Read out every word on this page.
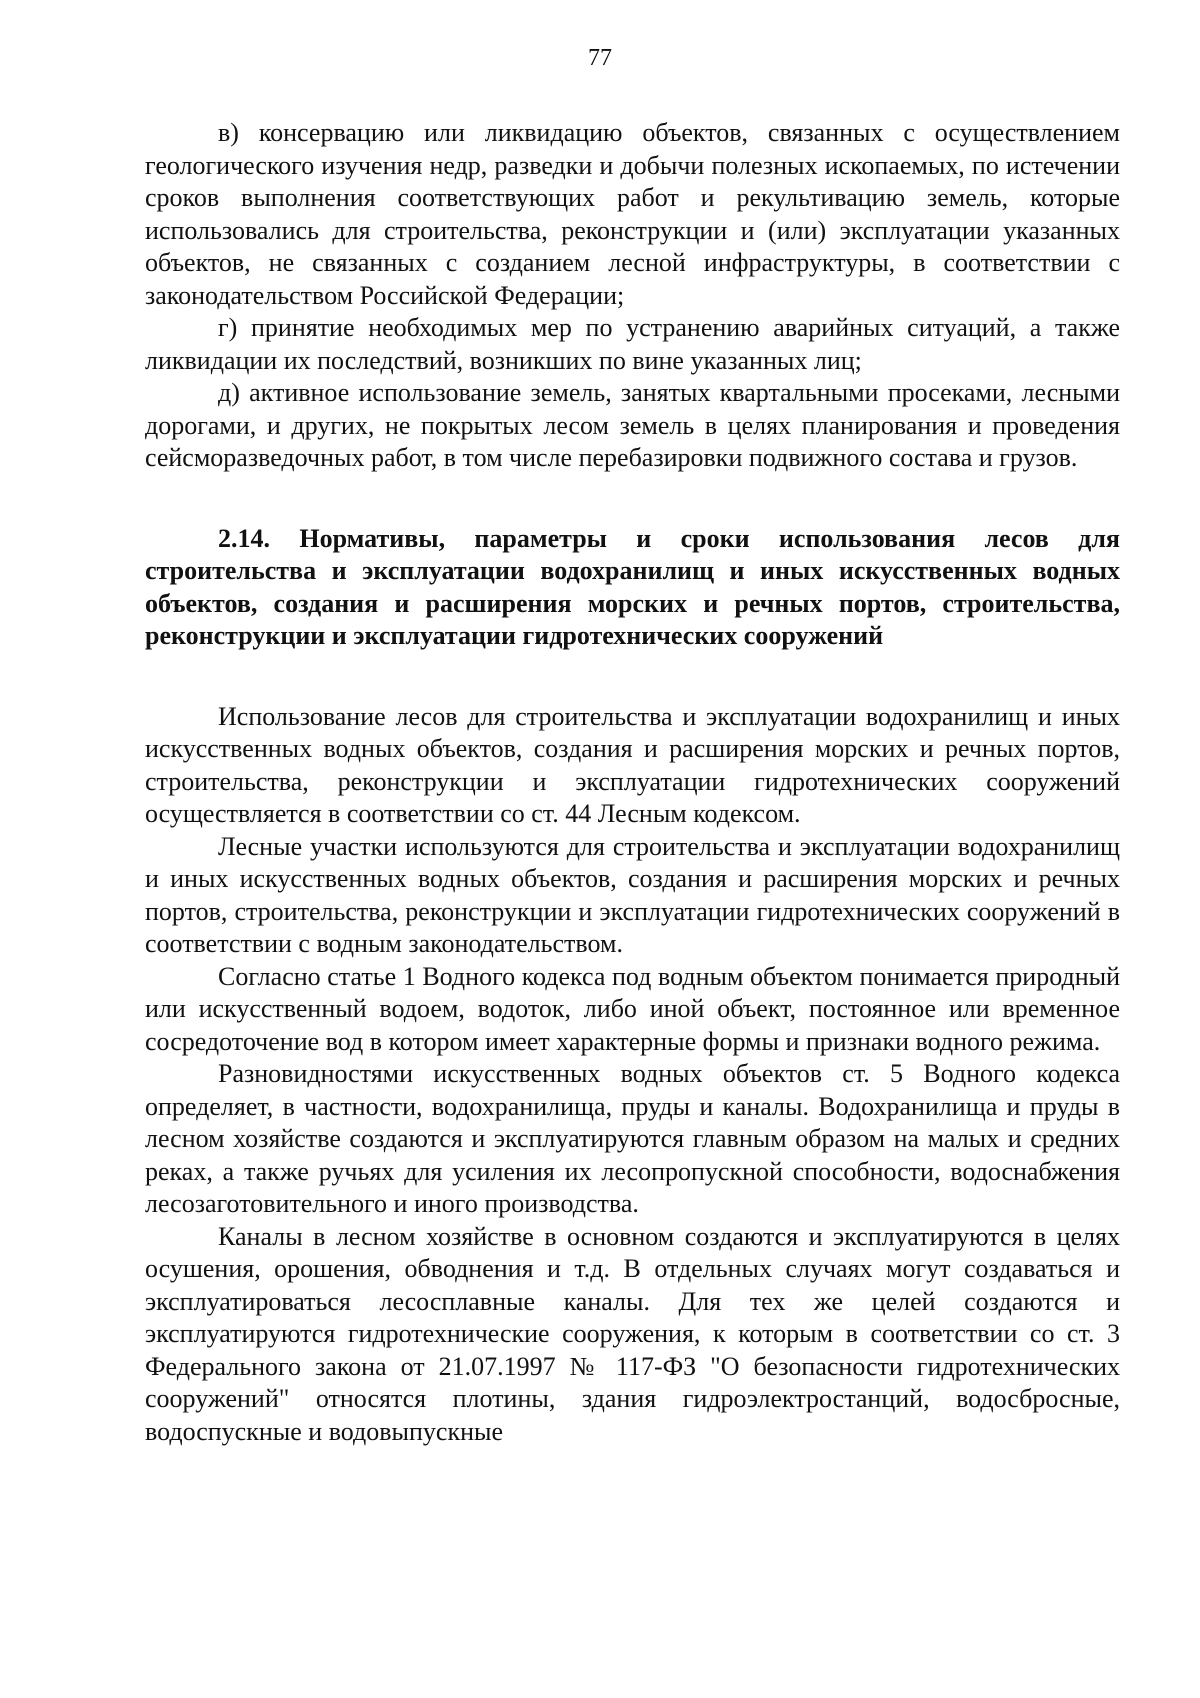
77

в) консервацию или ликвидацию объектов, связанных с осуществлением геологического изучения недр, разведки и добычи полезных ископаемых, по истечении сроков выполнения соответствующих работ и рекультивацию земель, которые использовались для строительства, реконструкции и (или) эксплуатации указанных объектов, не связанных с созданием лесной инфраструктуры, в соответствии с законодательством Российской Федерации;

г) принятие необходимых мер по устранению аварийных ситуаций, а также ликвидации их последствий, возникших по вине указанных лиц;

д) активное использование земель, занятых квартальными просеками, лесными дорогами, и других, не покрытых лесом земель в целях планирования и проведения сейсморазведочных работ, в том числе перебазировки подвижного состава и грузов.

2.14. Нормативы, параметры и сроки использования лесов для строительства и эксплуатации водохранилищ и иных искусственных водных объектов, создания и расширения морских и речных портов, строительства, реконструкции и эксплуатации гидротехнических сооружений

Использование лесов для строительства и эксплуатации водохранилищ и иных искусственных водных объектов, создания и расширения морских и речных портов, строительства, реконструкции и эксплуатации гидротехнических сооружений осуществляется в соответствии со ст. 44 Лесным кодексом.

Лесные участки используются для строительства и эксплуатации водохранилищ и иных искусственных водных объектов, создания и расширения морских и речных портов, строительства, реконструкции и эксплуатации гидротехнических сооружений в соответствии с водным законодательством.

Согласно статье 1 Водного кодекса под водным объектом понимается природный или искусственный водоем, водоток, либо иной объект, постоянное или временное сосредоточение вод в котором имеет характерные формы и признаки водного режима.

Разновидностями искусственных водных объектов ст. 5 Водного кодекса определяет, в частности, водохранилища, пруды и каналы. Водохранилища и пруды в лесном хозяйстве создаются и эксплуатируются главным образом на малых и средних реках, а также ручьях для усиления их лесопропускной способности, водоснабжения лесозаготовительного и иного производства.

Каналы в лесном хозяйстве в основном создаются и эксплуатируются в целях осушения, орошения, обводнения и т.д. В отдельных случаях могут создаваться и эксплуатироваться лесосплавные каналы. Для тех же целей создаются и эксплуатируются гидротехнические сооружения, к которым в соответствии со ст. 3 Федерального закона от 21.07.1997 № 117-ФЗ "О безопасности гидротехнических сооружений" относятся плотины, здания гидроэлектростанций, водосбросные, водоспускные и водовыпускные
